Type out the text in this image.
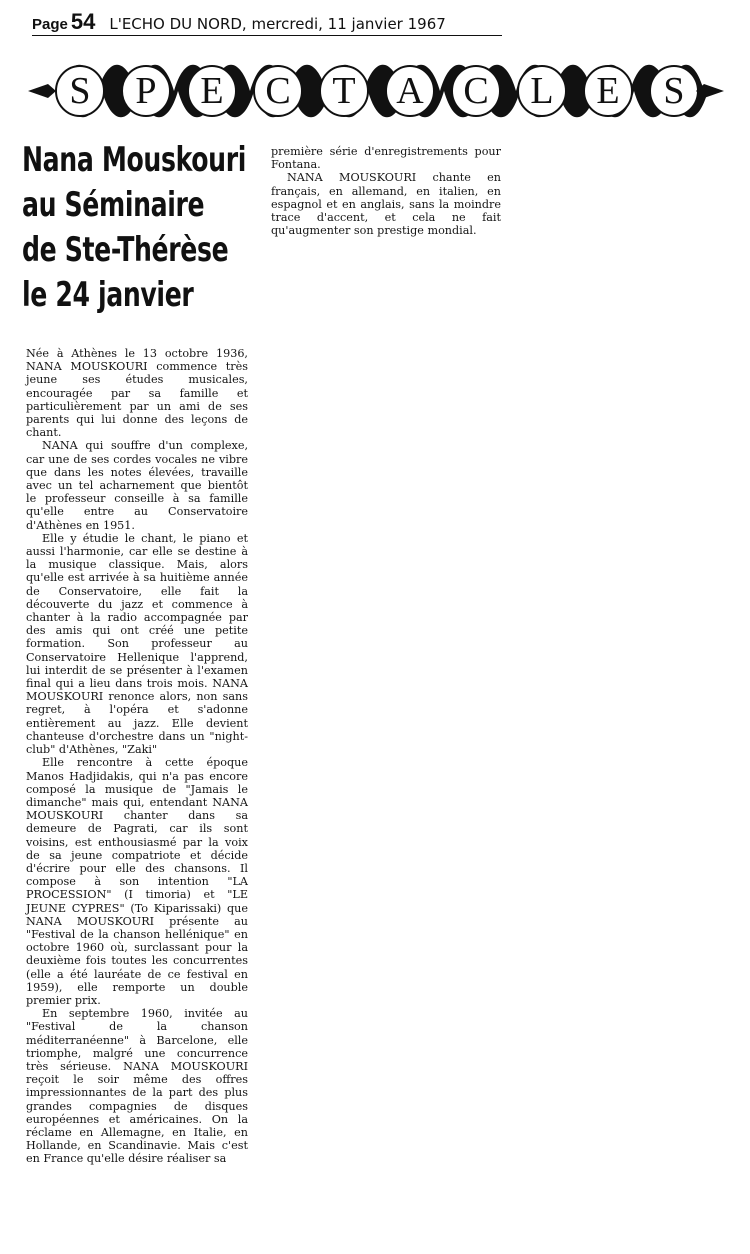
Page 54 L'ECHO DU NORD, mercredi, 11 janvier 1967
S	P	E	C	T	A	C	L	E	S
Nana Mouskouri
au Séminaire
de Ste-Thérèse
le 24 janvier

Née à Athènes le 13 octobre 1936, NANA MOUSKOURI commence très jeune ses études musicales, encouragée par sa famille et particulièrement par un ami de ses parents qui lui donne des leçons de chant.

NANA qui souffre d'un complexe, car une de ses cordes vocales ne vibre que dans les notes élevées, travaille avec un tel acharnement que bientôt le professeur conseille à sa famille qu'elle entre au Conservatoire d'Athènes en 1951.

Elle y étudie le chant, le piano et aussi l'harmonie, car elle se destine à la musique classique. Mais, alors qu'elle est arrivée à sa huitième année de Conservatoire, elle fait la découverte du jazz et commence à chanter à la radio accompagnée par des amis qui ont créé une petite formation. Son professeur au Conservatoire Hellenique l'apprend, lui interdit de se présenter à l'examen final qui a lieu dans trois mois. NANA MOUSKOURI renonce alors, non sans regret, à l'opéra et s'adonne entièrement au jazz. Elle devient chanteuse d'orchestre dans un "night- club" d'Athènes, "Zaki"

Elle rencontre à cette époque Manos Hadjidakis, qui n'a pas encore composé la musique de "Jamais le dimanche" mais qui, entendant NANA MOUSKOURI chanter dans sa demeure de Pagrati, car ils sont voisins, est enthousiasmé par la voix de sa jeune compatriote et décide d'écrire pour elle des chansons. Il compose à son intention "LA PROCESSION" (I timoria) et "LE JEUNE CYPRES" (To Kiparissaki) que NANA MOUSKOURI présente au "Festival de la chanson hellénique" en octobre 1960 où, surclassant pour la deuxième fois toutes les concurrentes (elle a été lauréate de ce festival en 1959), elle remporte un double premier prix.

En septembre 1960, invitée au "Festival de la chanson méditerranéenne" à Barcelone, elle triomphe, malgré une concurrence très sérieuse. NANA MOUSKOURI reçoit le soir même des offres impressionnantes de la part des plus grandes compagnies de disques européennes et américaines. On la réclame en Allemagne, en Italie, en Hollande, en Scandinavie. Mais c'est en France qu'elle désire réaliser sa

première série d'enregistrements pour Fontana.

NANA MOUSKOURI chante en français, en allemand, en italien, en espagnol et en anglais, sans la moindre trace d'accent, et cela ne fait qu'augmenter son prestige mondial.
